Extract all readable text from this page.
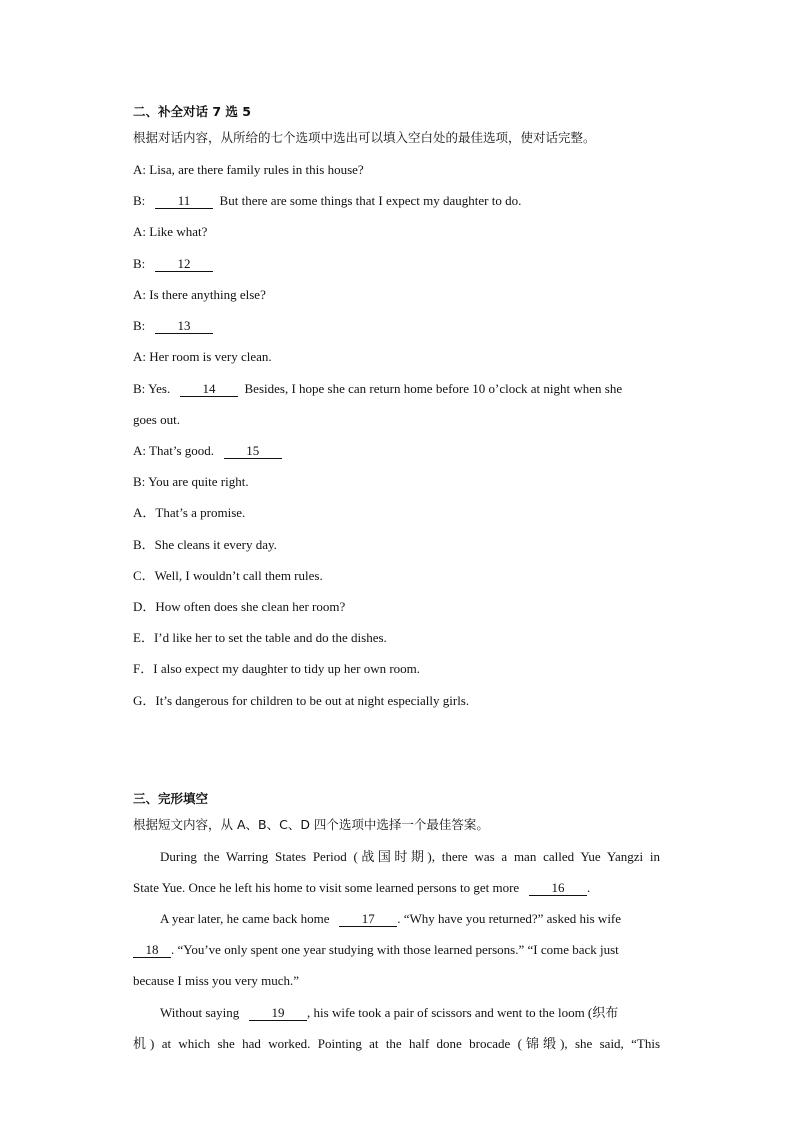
二、补全对话 7 选 5
根据对话内容，从所给的七个选项中选出可以填入空白处的最佳选项，使对话完整。
A: Lisa, are there family rules in this house?
B: 11 But there are some things that I expect my daughter to do.
A: Like what?
B: 12
A: Is there anything else?
B: 13
A: Her room is very clean.
B: Yes. 14 Besides, I hope she can return home before 10 o’clock at night when she
goes out.
A: That’s good. 15
B: You are quite right.
A．That’s a promise.
B．She cleans it every day.
C．Well, I wouldn’t call them rules.
D．How often does she clean her room?
E．I’d like her to set the table and do the dishes.
F．I also expect my daughter to tidy up her own room.
G．It’s dangerous for children to be out at night especially girls.
三、完形填空
根据短文内容，从 A、B、C、D 四个选项中选择一个最佳答案。
During the Warring States Period (战国时期), there was a man called Yue Yangzi in
State Yue. Once he left his home to visit some learned persons to get more 16 .
A year later, he came back home 17 . “Why have you returned?” asked his wife
18 . “You’ve only spent one year studying with those learned persons.” “I come back just
because I miss you very much.”
Without saying 19 , his wife took a pair of scissors and went to the loom (织布
机) at which she had worked. Pointing at the half done brocade (锦缎), she said, “This
